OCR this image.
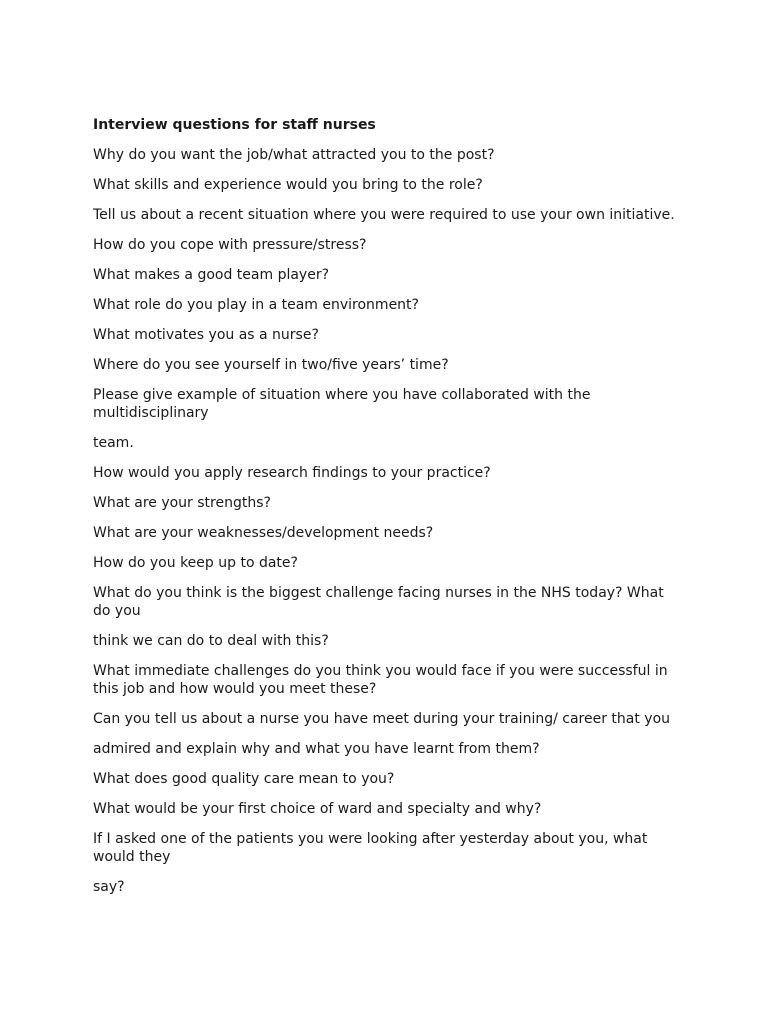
Interview questions for staff nurses
Why do you want the job/what attracted you to the post?
What skills and experience would you bring to the role?
Tell us about a recent situation where you were required to use your own initiative.
How do you cope with pressure/stress?
What makes a good team player?
What role do you play in a team environment?
What motivates you as a nurse?
Where do you see yourself in two/five years’ time?
Please give example of situation where you have collaborated with the multidisciplinary
team.
How would you apply research findings to your practice?
What are your strengths?
What are your weaknesses/development needs?
How do you keep up to date?
What do you think is the biggest challenge facing nurses in the NHS today? What do you
think we can do to deal with this?
What immediate challenges do you think you would face if you were successful in this job and how would you meet these?
Can you tell us about a nurse you have meet during your training/ career that you
admired and explain why and what you have learnt from them?
What does good quality care mean to you?
What would be your first choice of ward and specialty and why?
If I asked one of the patients you were looking after yesterday about you, what would they
say?
